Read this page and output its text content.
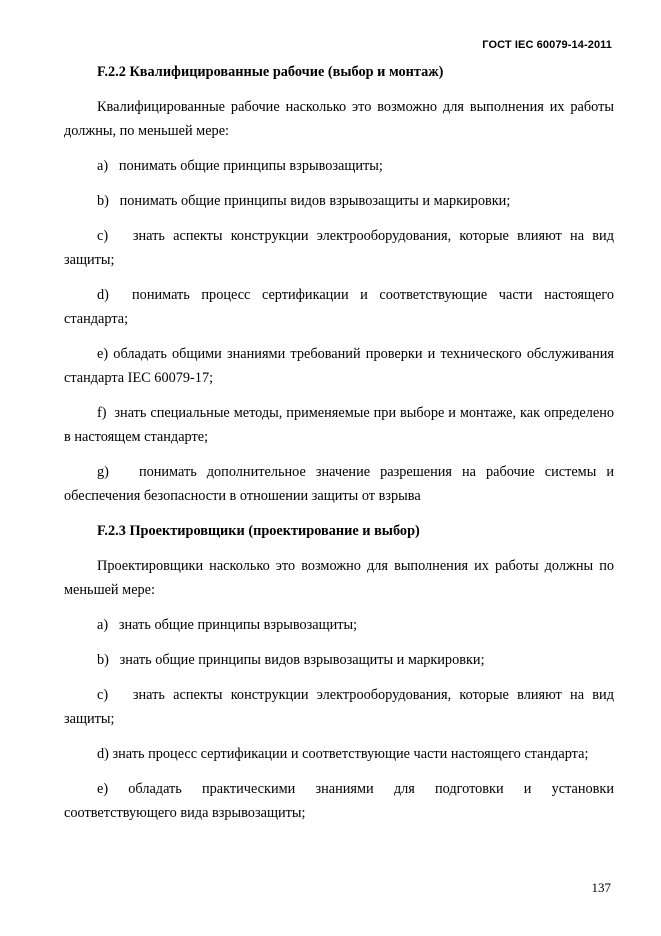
ГОСТ IEC 60079-14-2011

F.2.2 Квалифицированные рабочие (выбор и монтаж)

Квалифицированные рабочие насколько это возможно для выполнения их работы должны, по меньшей мере:

a)   понимать общие принципы взрывозащиты;

b)   понимать общие принципы видов взрывозащиты и маркировки;

c)   знать аспекты конструкции электрооборудования, которые влияют на вид защиты;

d)  понимать процесс сертификации и соответствующие части настоящего стандарта;

e) обладать общими знаниями требований проверки и технического обслуживания стандарта IEC 60079-17;

f)  знать специальные методы, применяемые при выборе и монтаже, как определено в настоящем стандарте;

g)   понимать дополнительное значение разрешения на рабочие системы и обеспечения безопасности в отношении защиты от взрыва

F.2.3 Проектировщики (проектирование и выбор)

Проектировщики насколько это возможно для выполнения их работы должны по меньшей мере:

a)   знать общие принципы взрывозащиты;

b)   знать общие принципы видов взрывозащиты и маркировки;

c)   знать аспекты конструкции электрооборудования, которые влияют на вид защиты;

d) знать процесс сертификации и соответствующие части настоящего стандарта;

e) обладать практическими знаниями для подготовки и установки соответствующего вида взрывозащиты;

137
